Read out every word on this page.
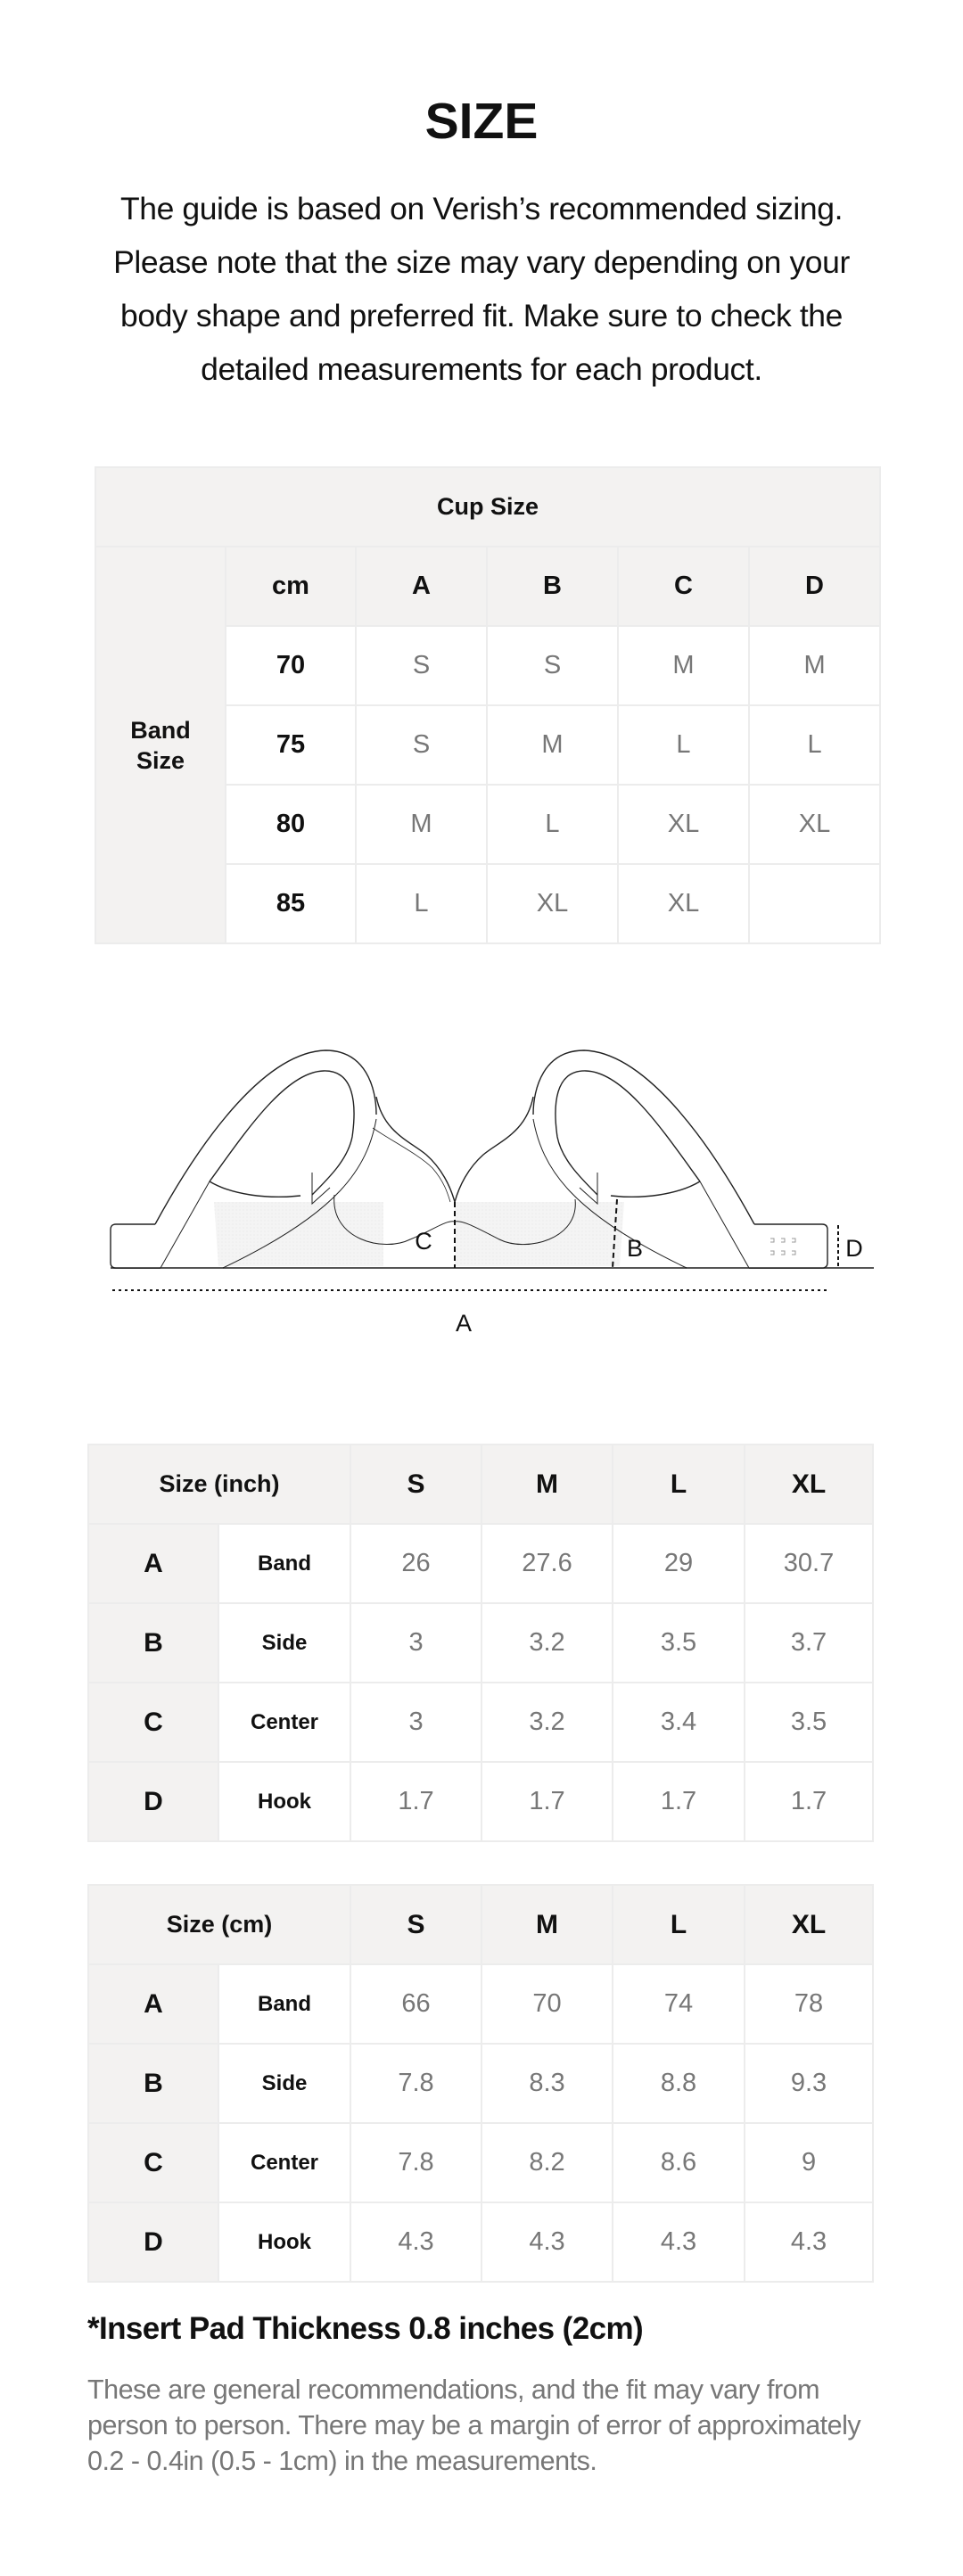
SIZE
The guide is based on Verish’s recommended sizing. Please note that the size may vary depending on your body shape and preferred fit. Make sure to check the detailed measurements for each product.
Cup Size					
Band Size	cm	A	B	C	D
	70	S	S	M	M
	75	S	M	L	L
	80	M	L	XL	XL
	85	L	XL	XL	
C	B	D
A
Size (inch)		S	M	L	XL
A	Band	26	27.6	29	30.7
B	Side	3	3.2	3.5	3.7
C	Center	3	3.2	3.4	3.5
D	Hook	1.7	1.7	1.7	1.7
Size (cm)		S	M	L	XL
A	Band	66	70	74	78
B	Side	7.8	8.3	8.8	9.3
C	Center	7.8	8.2	8.6	9
D	Hook	4.3	4.3	4.3	4.3
*Insert Pad Thickness 0.8 inches (2cm)
These are general recommendations, and the fit may vary from person to person. There may be a margin of error of approximately 0.2 - 0.4in (0.5 - 1cm) in the measurements.
